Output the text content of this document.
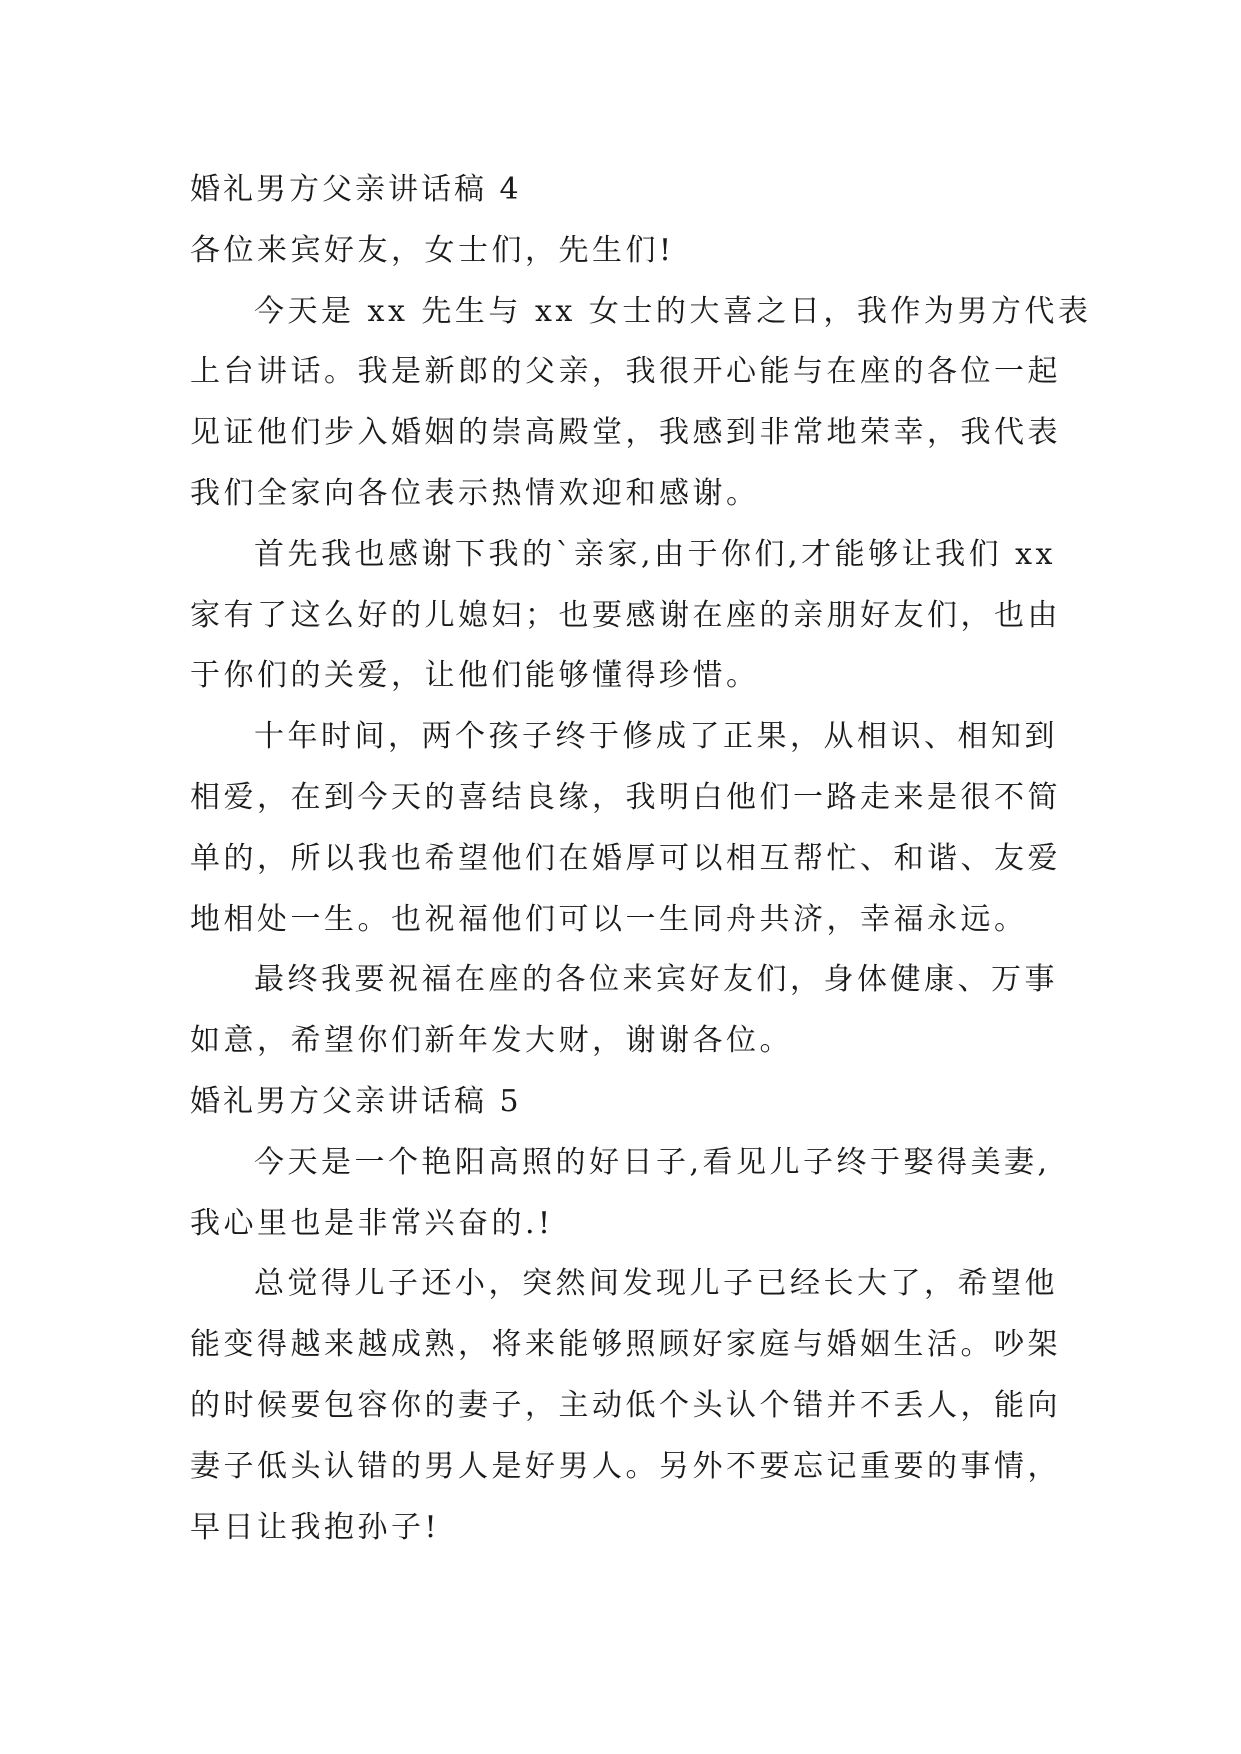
婚礼男方父亲讲话稿 4
各位来宾好友，女士们，先生们!
今天是 xx 先生与 xx 女士的大喜之日，我作为男方代表
上台讲话。我是新郎的父亲，我很开心能与在座的各位一起
见证他们步入婚姻的崇高殿堂，我感到非常地荣幸，我代表
我们全家向各位表示热情欢迎和感谢。
首先我也感谢下我的`亲家,由于你们,才能够让我们 xx
家有了这么好的儿媳妇；也要感谢在座的亲朋好友们，也由
于你们的关爱，让他们能够懂得珍惜。
十年时间，两个孩子终于修成了正果，从相识、相知到
相爱，在到今天的喜结良缘，我明白他们一路走来是很不简
单的，所以我也希望他们在婚厚可以相互帮忙、和谐、友爱
地相处一生。也祝福他们可以一生同舟共济，幸福永远。
最终我要祝福在座的各位来宾好友们，身体健康、万事
如意，希望你们新年发大财，谢谢各位。
婚礼男方父亲讲话稿 5
今天是一个艳阳高照的好日子,看见儿子终于娶得美妻,
我心里也是非常兴奋的.!
总觉得儿子还小，突然间发现儿子已经长大了，希望他
能变得越来越成熟，将来能够照顾好家庭与婚姻生活。吵架
的时候要包容你的妻子，主动低个头认个错并不丢人，能向
妻子低头认错的男人是好男人。另外不要忘记重要的事情，
早日让我抱孙子!
